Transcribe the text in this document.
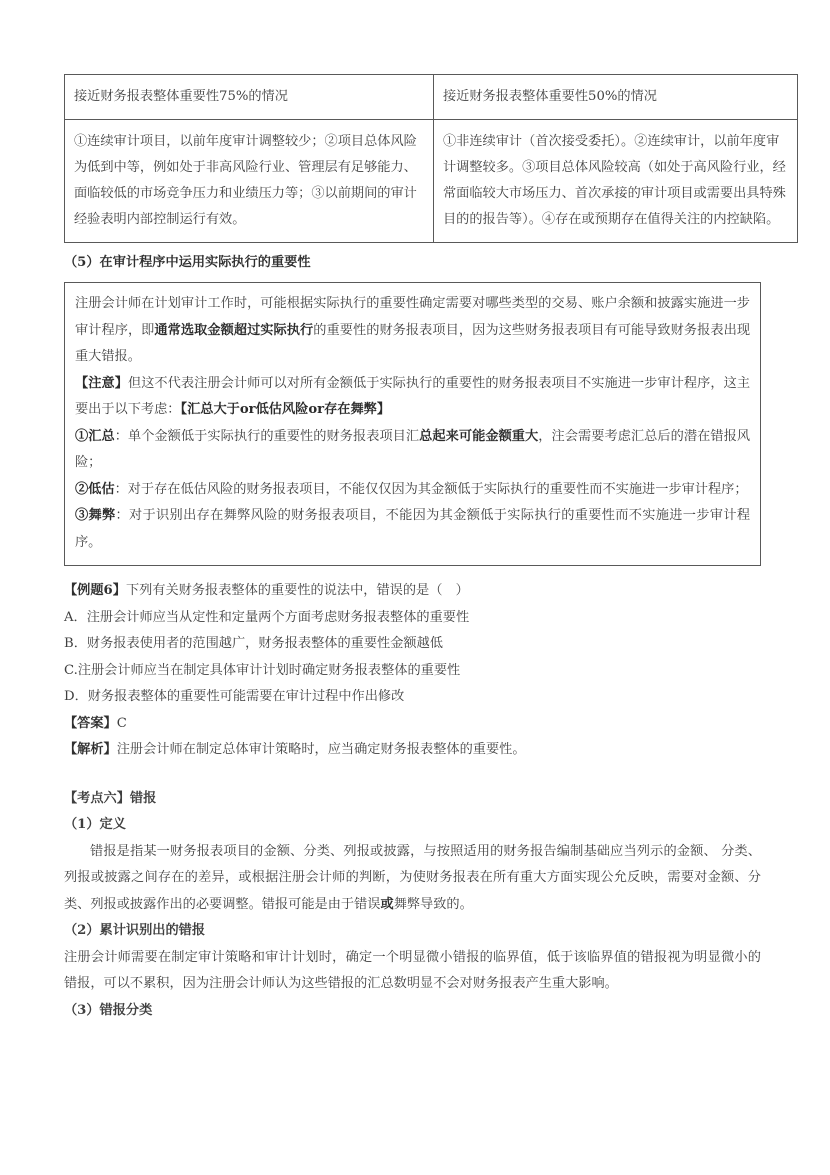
接近财务报表整体重要性75%的情况	接近财务报表整体重要性50%的情况
①连续审计项目，以前年度审计调整较少；②项目总体风险为低到中等，例如处于非高风险行业、管理层有足够能力、面临较低的市场竞争压力和业绩压力等；③以前期间的审计经验表明内部控制运行有效。	①非连续审计（首次接受委托）。②连续审计，以前年度审计调整较多。③项目总体风险较高（如处于高风险行业，经常面临较大市场压力、首次承接的审计项目或需要出具特殊目的的报告等）。④存在或预期存在值得关注的内控缺陷。
（5）在审计程序中运用实际执行的重要性

注册会计师在计划审计工作时，可能根据实际执行的重要性确定需要对哪些类型的交易、账户余额和披露实施进一步审计程序，即通常选取金额超过实际执行的重要性的财务报表项目，因为这些财务报表项目有可能导致财务报表出现重大错报。

【注意】但这不代表注册会计师可以对所有金额低于实际执行的重要性的财务报表项目不实施进一步审计程序，这主要出于以下考虑：【汇总大于or低估风险or存在舞弊】

①汇总：单个金额低于实际执行的重要性的财务报表项目汇总起来可能金额重大，注会需要考虑汇总后的潜在错报风险；

②低估：对于存在低估风险的财务报表项目，不能仅仅因为其金额低于实际执行的重要性而不实施进一步审计程序；

③舞弊：对于识别出存在舞弊风险的财务报表项目，不能因为其金额低于实际执行的重要性而不实施进一步审计程序。

【例题6】下列有关财务报表整体的重要性的说法中，错误的是（　）

A．注册会计师应当从定性和定量两个方面考虑财务报表整体的重要性

B．财务报表使用者的范围越广，财务报表整体的重要性金额越低

C.注册会计师应当在制定具体审计计划时确定财务报表整体的重要性

D．财务报表整体的重要性可能需要在审计过程中作出修改

【答案】C

【解析】注册会计师在制定总体审计策略时，应当确定财务报表整体的重要性。

【考点六】错报

（1）定义

错报是指某一财务报表项目的金额、分类、列报或披露，与按照适用的财务报告编制基础应当列示的金额、 分类、列报或披露之间存在的差异，或根据注册会计师的判断，为使财务报表在所有重大方面实现公允反映，需要对金额、分类、列报或披露作出的必要调整。错报可能是由于错误或舞弊导致的。

（2）累计识别出的错报

注册会计师需要在制定审计策略和审计计划时，确定一个明显微小错报的临界值，低于该临界值的错报视为明显微小的错报，可以不累积，因为注册会计师认为这些错报的汇总数明显不会对财务报表产生重大影响。

（3）错报分类
